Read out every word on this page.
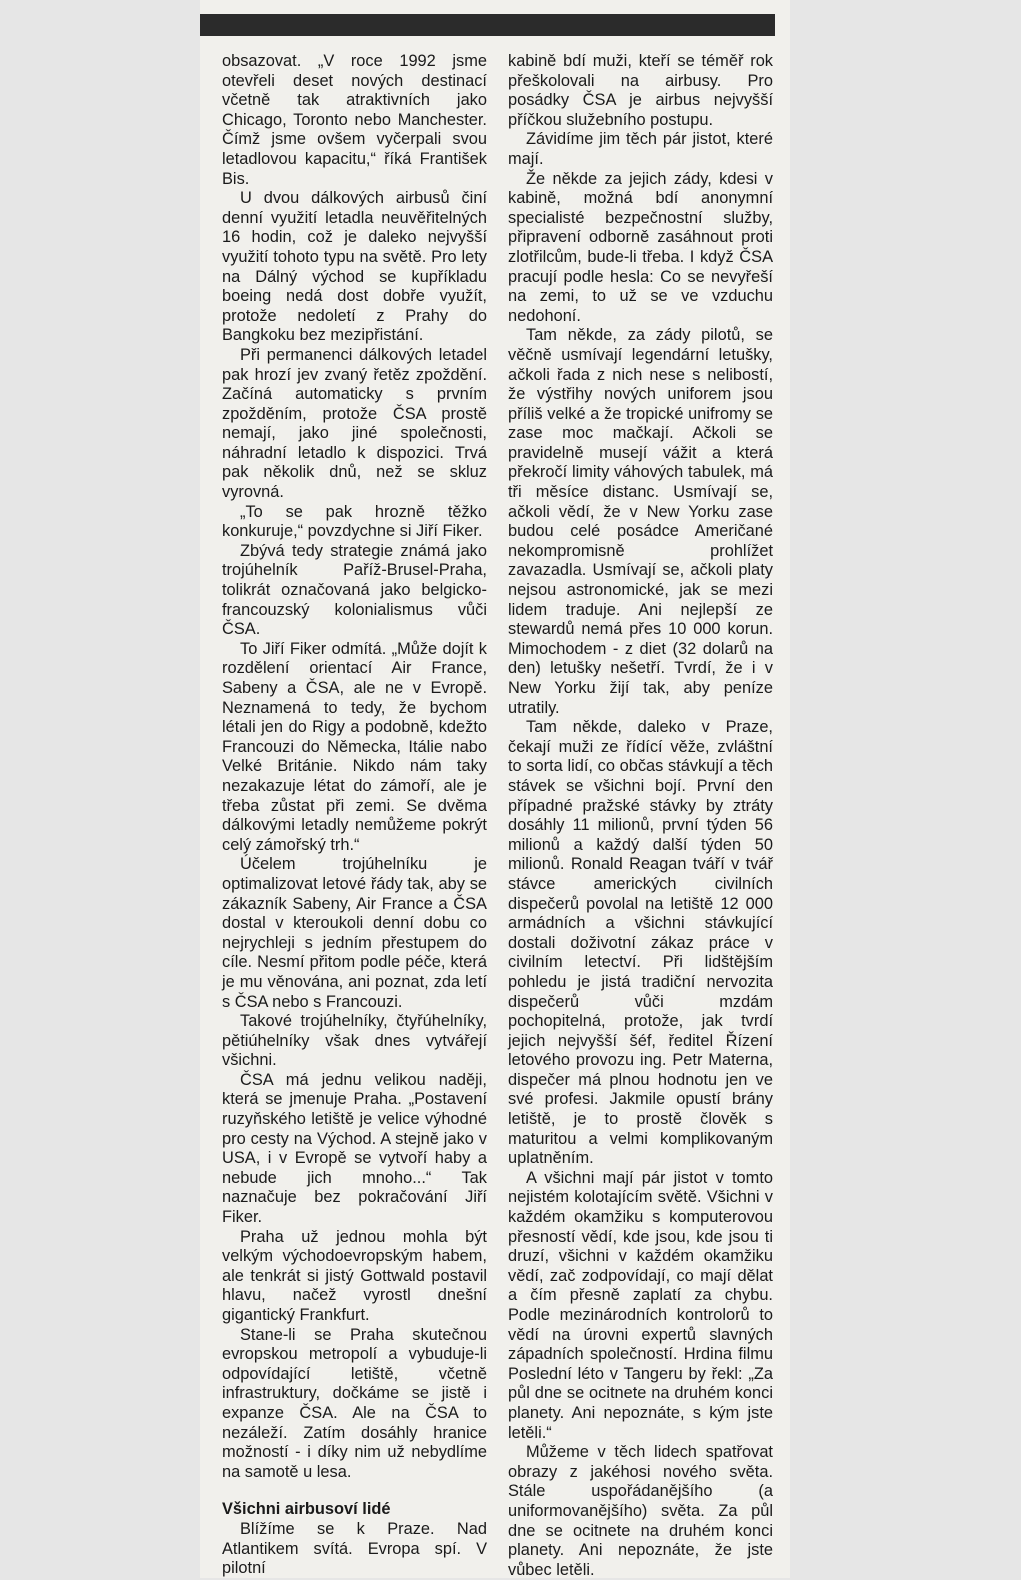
obsazovat. „V roce 1992 jsme otevřeli deset nových destinací včetně tak atraktivních jako Chicago, Toronto nebo Manchester. Čímž jsme ovšem vyčerpali svou letadlovou kapacitu,“ říká František Bis.

U dvou dálkových airbusů činí denní využití letadla neuvěřitelných 16 hodin, což je daleko nejvyšší využití tohoto typu na světě. Pro lety na Dálný východ se kupříkladu boeing nedá dost dobře využít, protože nedoletí z Prahy do Bangkoku bez mezipřistání.

Při permanenci dálkových letadel pak hrozí jev zvaný řetěz zpoždění. Začíná automaticky s prvním zpožděním, protože ČSA prostě nemají, jako jiné společnosti, náhradní letadlo k dispozici. Trvá pak několik dnů, než se skluz vyrovná.

„To se pak hrozně těžko konkuruje,“ povzdychne si Jiří Fiker.

Zbývá tedy strategie známá jako trojúhelník Paříž-Brusel-Praha, tolikrát označovaná jako belgicko-francouzský kolonialismus vůči ČSA.

To Jiří Fiker odmítá. „Může dojít k rozdělení orientací Air France, Sabeny a ČSA, ale ne v Evropě. Neznamená to tedy, že bychom létali jen do Rigy a podobně, kdežto Francouzi do Německa, Itálie nabo Velké Británie. Nikdo nám taky nezakazuje létat do zámoří, ale je třeba zůstat při zemi. Se dvěma dálkovými letadly nemůžeme pokrýt celý zámořský trh.“

Účelem trojúhelníku je optimalizovat letové řády tak, aby se zákazník Sabeny, Air France a ČSA dostal v kteroukoli denní dobu co nejrychleji s jedním přestupem do cíle. Nesmí přitom podle péče, která je mu věnována, ani poznat, zda letí s ČSA nebo s Francouzi.

Takové trojúhelníky, čtyřúhelníky, pětiúhelníky však dnes vytvářejí všichni.

ČSA má jednu velikou naději, která se jmenuje Praha. „Postavení ruzyňského letiště je velice výhodné pro cesty na Východ. A stejně jako v USA, i v Evropě se vytvoří haby a nebude jich mnoho...“ Tak naznačuje bez pokračování Jiří Fiker.

Praha už jednou mohla být velkým východoevropským habem, ale tenkrát si jistý Gottwald postavil hlavu, načež vyrostl dnešní gigantický Frankfurt.

Stane-li se Praha skutečnou evropskou metropolí a vybuduje-li odpovídající letiště, včetně infrastruktury, dočkáme se jistě i expanze ČSA. Ale na ČSA to nezáleží. Zatím dosáhly hranice možností - i díky nim už nebydlíme na samotě u lesa.

Všichni airbusoví lidé

Blížíme se k Praze. Nad Atlantikem svítá. Evropa spí. V pilotní

kabině bdí muži, kteří se téměř rok přeškolovali na airbusy. Pro posádky ČSA je airbus nejvyšší příčkou služebního postupu.

Závidíme jim těch pár jistot, které mají.

Že někde za jejich zády, kdesi v kabině, možná bdí anonymní specialisté bezpečnostní služby, připravení odborně zasáhnout proti zlotřilcům, bude-li třeba. I když ČSA pracují podle hesla: Co se nevyřeší na zemi, to už se ve vzduchu nedohoní.

Tam někde, za zády pilotů, se věčně usmívají legendární letušky, ačkoli řada z nich nese s nelibostí, že výstřihy nových uniforem jsou příliš velké a že tropické unifromy se zase moc mačkají. Ačkoli se pravidelně musejí vážit a která překročí limity váhových tabulek, má tři měsíce distanc. Usmívají se, ačkoli vědí, že v New Yorku zase budou celé posádce Američané nekompromisně prohlížet zavazadla. Usmívají se, ačkoli platy nejsou astronomické, jak se mezi lidem traduje. Ani nejlepší ze stewardů nemá přes 10 000 korun. Mimochodem - z diet (32 dolarů na den) letušky nešetří. Tvrdí, že i v New Yorku žijí tak, aby peníze utratily.

Tam někde, daleko v Praze, čekají muži ze řídící věže, zvláštní to sorta lidí, co občas stávkují a těch stávek se všichni bojí. První den případné pražské stávky by ztráty dosáhly 11 milionů, první týden 56 milionů a každý další týden 50 milionů. Ronald Reagan tváří v tvář stávce amerických civilních dispečerů povolal na letiště 12 000 armádních a všichni stávkující dostali doživotní zákaz práce v civilním letectví. Při lidštějším pohledu je jistá tradiční nervozita dispečerů vůči mzdám pochopitelná, protože, jak tvrdí jejich nejvyšší šéf, ředitel Řízení letového provozu ing. Petr Materna, dispečer má plnou hodnotu jen ve své profesi. Jakmile opustí brány letiště, je to prostě člověk s maturitou a velmi komplikovaným uplatněním.

A všichni mají pár jistot v tomto nejistém kolotajícím světě. Všichni v každém okamžiku s komputerovou přesností vědí, kde jsou, kde jsou ti druzí, všichni v každém okamžiku vědí, zač zodpovídají, co mají dělat a čím přesně zaplatí za chybu. Podle mezinárodních kontrolorů to vědí na úrovni expertů slavných západních společností. Hrdina filmu Poslední léto v Tangeru by řekl: „Za půl dne se ocitnete na druhém konci planety. Ani nepoznáte, s kým jste letěli.“

Můžeme v těch lidech spatřovat obrazy z jakéhosi nového světa. Stále uspořádanějšího (a uniformovanějšího) světa. Za půl dne se ocitnete na druhém konci planety. Ani nepoznáte, že jste vůbec letěli.
